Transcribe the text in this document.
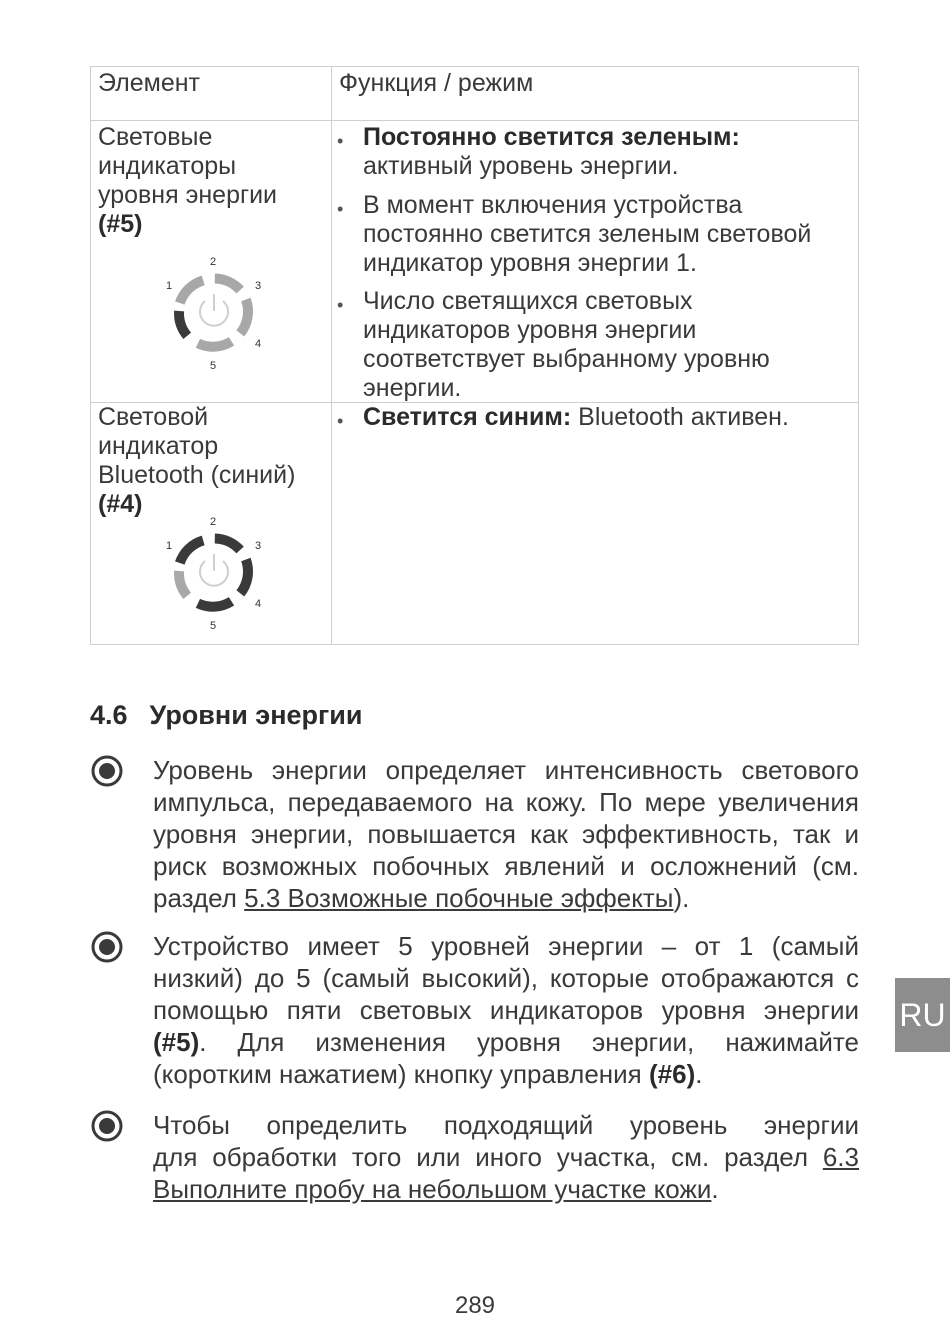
Элемент	Функция / режим
Световые
индикаторы
уровня энергии
(#5)
1
2
3
4
5
• Постоянно светится зеленым:
активный уровень энергии.
• В момент включения устройства
постоянно светится зеленым световой
индикатор уровня энергии 1.
• Число светящихся световых
индикаторов уровня энергии
соответствует выбранному уровню
энергии.
Световой
индикатор
Bluetooth (синий)
(#4)
1
2
3
4
5
• Светится синим: Bluetooth активен.
4.6 Уровни энергии
Уровень энергии определяет интенсивность светового
импульса, передаваемого на кожу. По мере увеличения
уровня энергии, повышается как эффективность, так и
риск возможных побочных явлений и осложнений (см.
раздел 5.3 Возможные побочные эффекты).
Устройство имеет 5 уровней энергии – от 1 (самый
низкий) до 5 (самый высокий), которые отображаются с
помощью пяти световых индикаторов уровня энергии
(#5). Для изменения уровня энергии, нажимайте
(коротким нажатием) кнопку управления (#6).
Чтобы определить подходящий уровень энергии
для обработки того или иного участка, см. раздел 6.3
Выполните пробу на небольшом участке кожи.
RU
289
